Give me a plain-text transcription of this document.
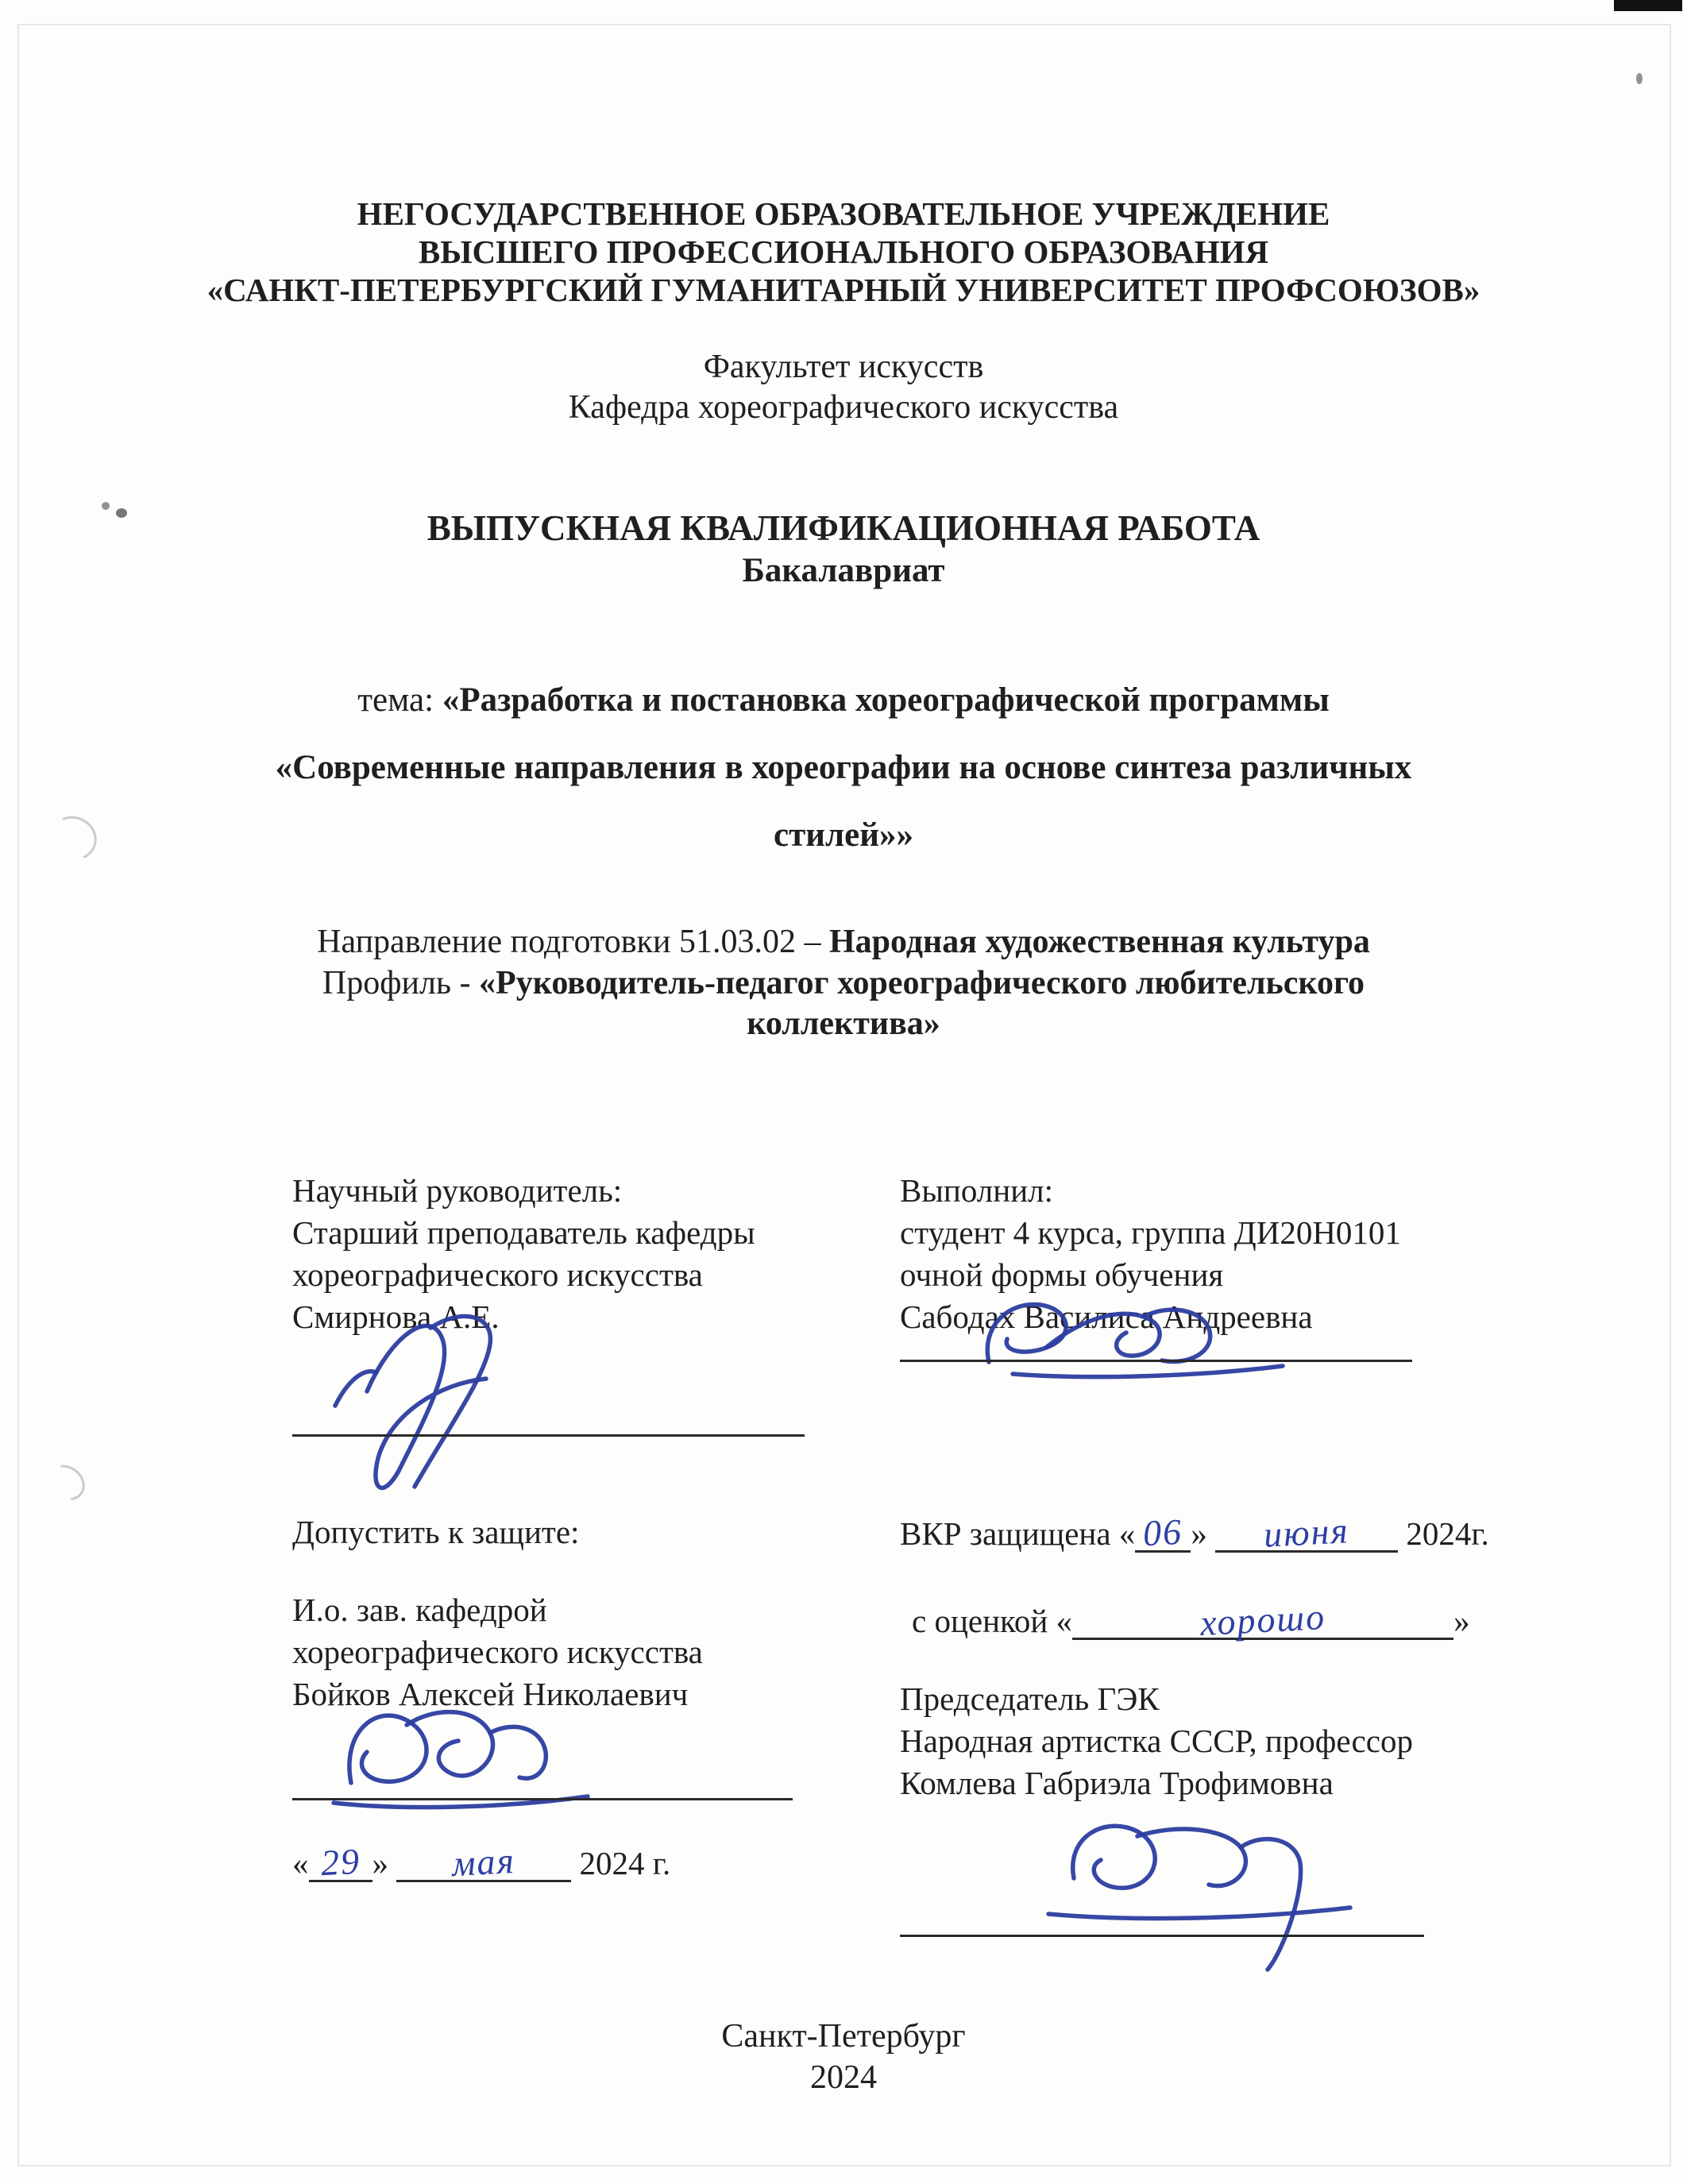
НЕГОСУДАРСТВЕННОЕ ОБРАЗОВАТЕЛЬНОЕ УЧРЕЖДЕНИЕ
ВЫСШЕГО ПРОФЕССИОНАЛЬНОГО ОБРАЗОВАНИЯ
«САНКТ-ПЕТЕРБУРГСКИЙ ГУМАНИТАРНЫЙ УНИВЕРСИТЕТ ПРОФСОЮЗОВ»
Факультет искусств
Кафедра хореографического искусства
ВЫПУСКНАЯ КВАЛИФИКАЦИОННАЯ РАБОТА
Бакалавриат
тема: «Разработка и постановка хореографической программы
«Современные направления в хореографии на основе синтеза различных
стилей»»
Направление подготовки 51.03.02 – Народная художественная культура
Профиль - «Руководитель-педагог хореографического любительского
коллектива»
Научный руководитель:
Старший преподаватель кафедры
хореографического искусства
Смирнова А.Е.
Выполнил:
студент 4 курса, группа ДИ20Н0101
очной формы обучения
Сабодах Василиса Андреевна
Допустить к защите:	ВКР защищена « 06 » июня 2024г.
И.о. зав. кафедрой
хореографического искусства
Бойков Алексей Николаевич
с оценкой «	хорошо	»
Председатель ГЭК
Народная артистка СССР, профессор
Комлева Габриэла Трофимовна
« 29 » мая 2024 г.
Санкт-Петербург
2024
